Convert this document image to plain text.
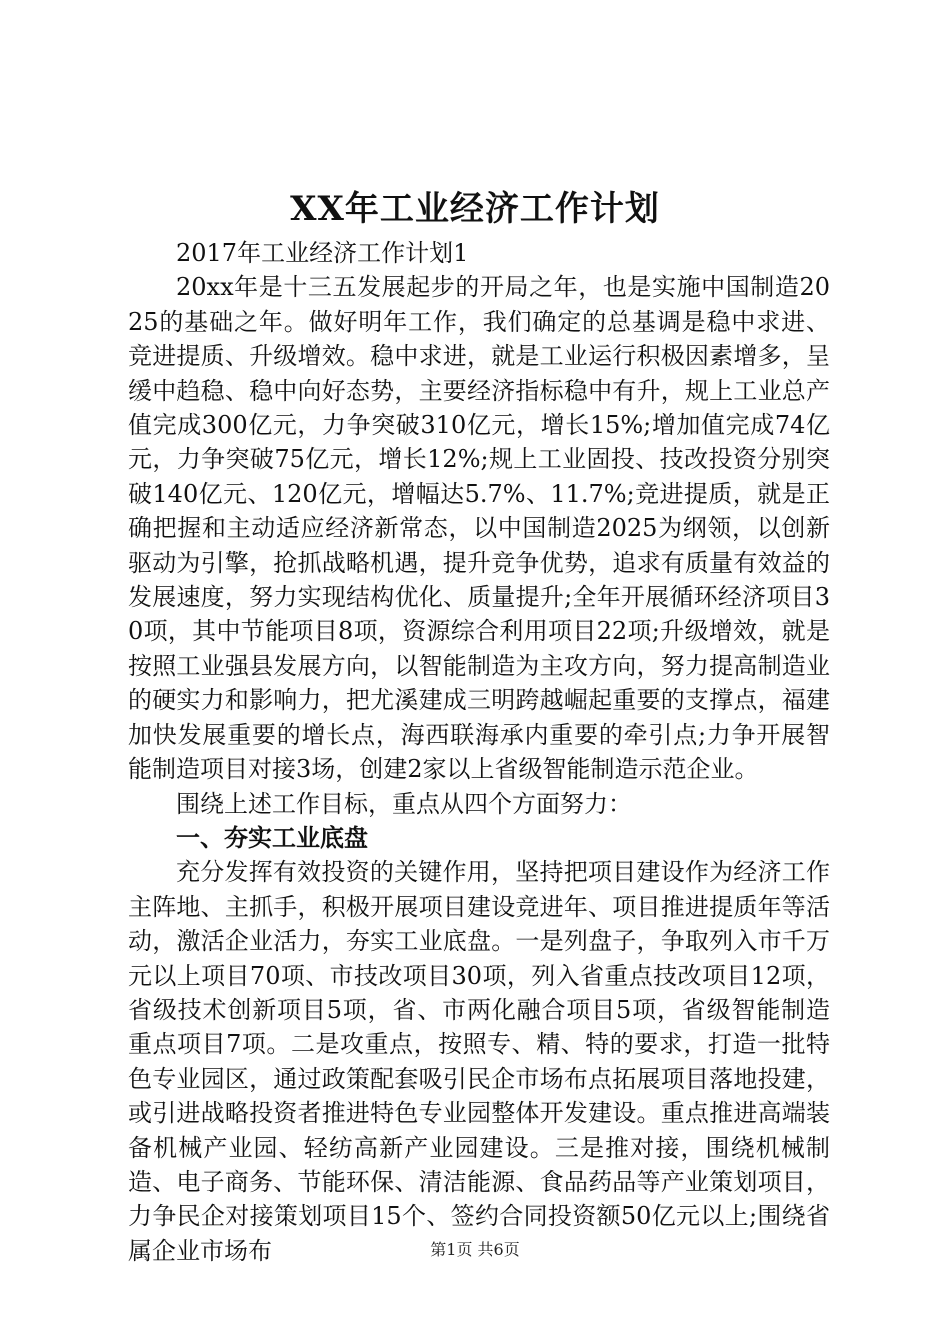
XX年工业经济工作计划

2017年工业经济工作计划1

20xx年是十三五发展起步的开局之年，也是实施中国制造2025的基础之年。做好明年工作，我们确定的总基调是稳中求进、竞进提质、升级增效。稳中求进，就是工业运行积极因素增多，呈缓中趋稳、稳中向好态势，主要经济指标稳中有升，规上工业总产值完成300亿元，力争突破310亿元，增长15%;增加值完成74亿元，力争突破75亿元，增长12%;规上工业固投、技改投资分别突破140亿元、120亿元，增幅达5.7%、11.7%;竞进提质，就是正确把握和主动适应经济新常态，以中国制造2025为纲领，以创新驱动为引擎，抢抓战略机遇，提升竞争优势，追求有质量有效益的发展速度，努力实现结构优化、质量提升;全年开展循环经济项目30项，其中节能项目8项，资源综合利用项目22项;升级增效，就是按照工业强县发展方向，以智能制造为主攻方向，努力提高制造业的硬实力和影响力，把尤溪建成三明跨越崛起重要的支撑点，福建加快发展重要的增长点，海西联海承内重要的牵引点;力争开展智能制造项目对接3场，创建2家以上省级智能制造示范企业。

围绕上述工作目标，重点从四个方面努力：

一、夯实工业底盘

充分发挥有效投资的关键作用，坚持把项目建设作为经济工作主阵地、主抓手，积极开展项目建设竞进年、项目推进提质年等活动，激活企业活力，夯实工业底盘。一是列盘子，争取列入市千万元以上项目70项、市技改项目30项，列入省重点技改项目12项，省级技术创新项目5项，省、市两化融合项目5项，省级智能制造重点项目7项。二是攻重点，按照专、精、特的要求，打造一批特色专业园区，通过政策配套吸引民企市场布点拓展项目落地投建，或引进战略投资者推进特色专业园整体开发建设。重点推进高端装备机械产业园、轻纺高新产业园建设。三是推对接，围绕机械制造、电子商务、节能环保、清洁能源、食品药品等产业策划项目，力争民企对接策划项目15个、签约合同投资额50亿元以上;围绕省属企业市场布	第1页 共6页
